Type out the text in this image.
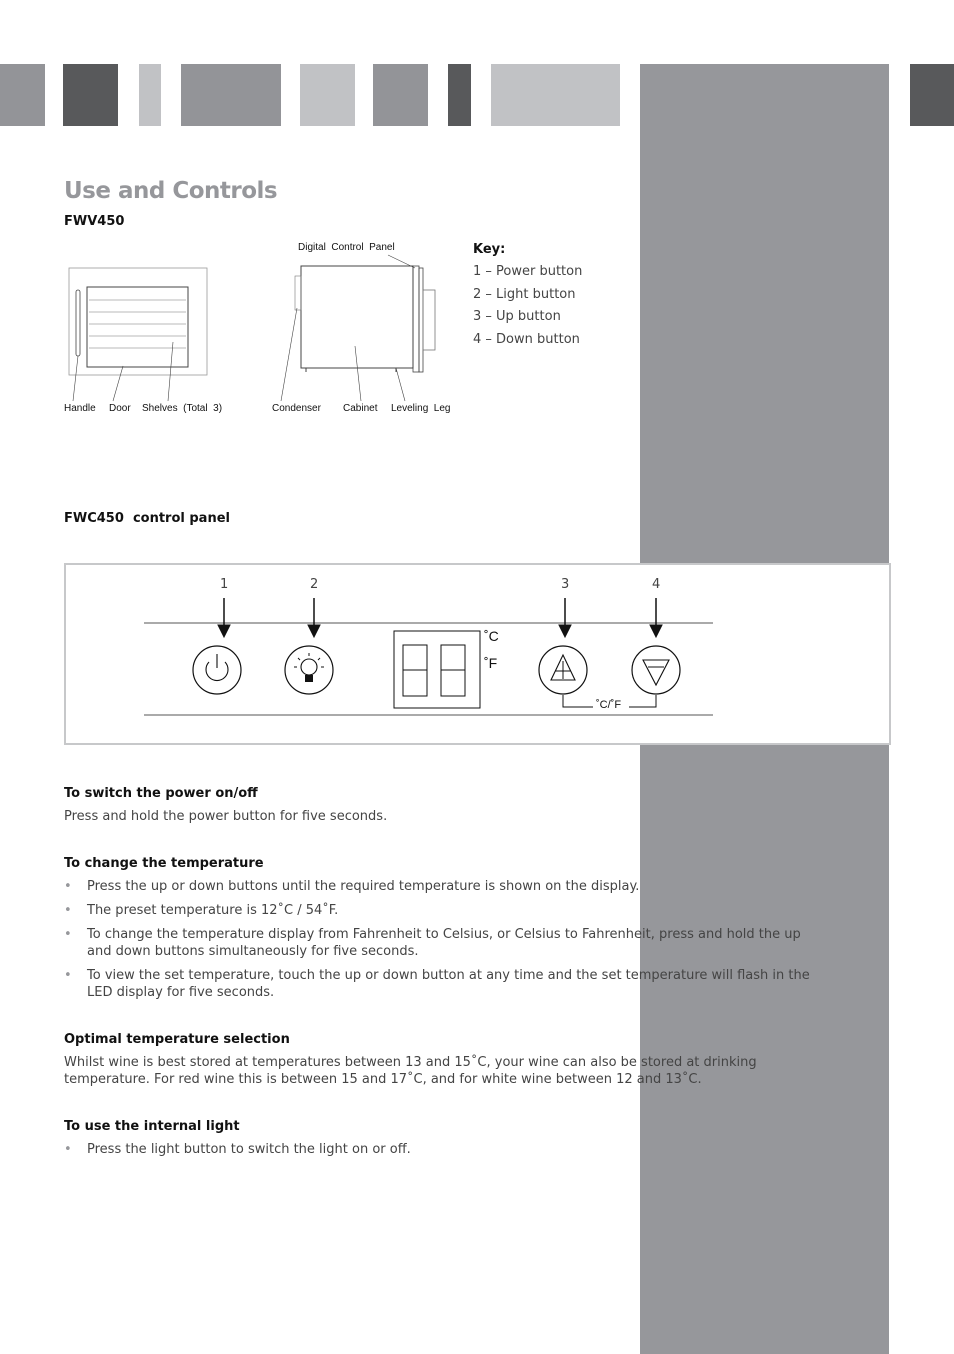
Use and Controls
FWV450
Handle Door Shelves  (Total  3)
Digital  Control  Panel
Condenser Cabinet Leveling  Leg
Key:
1 – Power button
2 – Light button
3 – Up button
4 – Down button
FWC450  control panel
1	2	3	4
˚C
˚F
˚C/˚F
To switch the power on/off

Press and hold the power button for five seconds.

To change the temperature
• Press the up or down buttons until the required temperature is shown on the display.
• The preset temperature is 12˚C / 54˚F.
• To change the temperature display from Fahrenheit to Celsius, or Celsius to Fahrenheit, press and hold the up and down buttons simultaneously for five seconds.
• To view the set temperature, touch the up or down button at any time and the set temperature will flash in the LED display for five seconds.
Optimal temperature selection

Whilst wine is best stored at temperatures between 13 and 15˚C, your wine can also be stored at drinking temperature. For red wine this is between 15 and 17˚C, and for white wine between 12 and 13˚C.

To use the internal light
• Press the light button to switch the light on or off.
